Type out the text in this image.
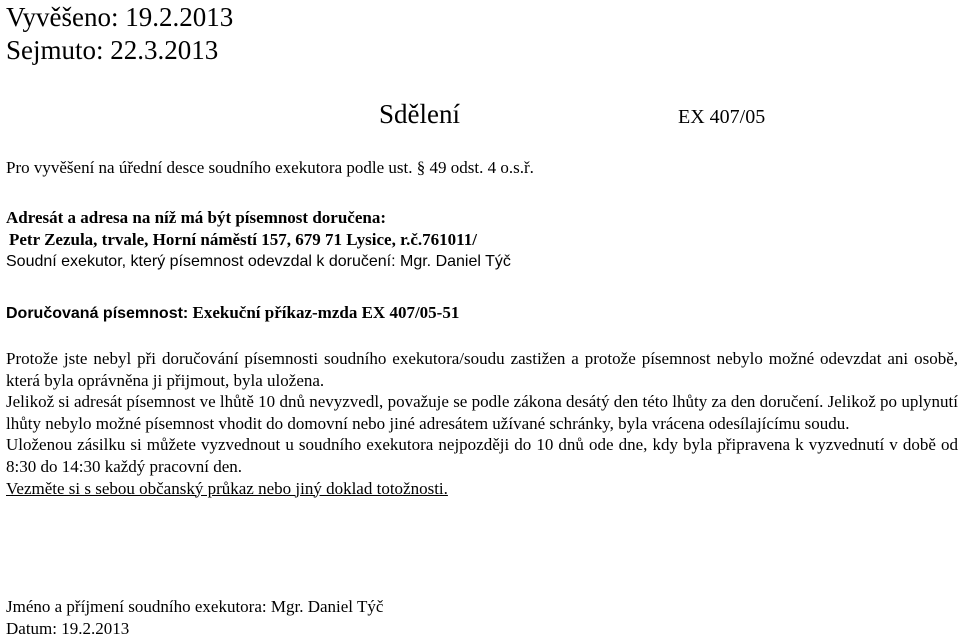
Vyvěšeno: 19.2.2013
Sejmuto: 22.3.2013
Sdělení	EX 407/05
Pro vyvěšení na úřední desce soudního exekutora podle ust. § 49 odst. 4 o.s.ř.
Adresát a adresa na níž má být písemnost doručena:
Petr Zezula, trvale, Horní náměstí 157, 679 71 Lysice, r.č.761011/
Soudní exekutor, který písemnost odevzdal k doručení: Mgr. Daniel Týč
Doručovaná písemnost: Exekuční příkaz-mzda EX 407/05-51

Protože jste nebyl při doručování písemnosti soudního exekutora/soudu zastižen a protože písemnost nebylo možné odevzdat ani osobě, která byla oprávněna ji přijmout, byla uložena.

Jelikož si adresát písemnost ve lhůtě 10 dnů nevyzvedl, považuje se podle zákona desátý den této lhůty za den doručení. Jelikož po uplynutí lhůty nebylo možné písemnost vhodit do domovní nebo jiné adresátem užívané schránky, byla vrácena odesílajícímu soudu.

Uloženou zásilku si můžete vyzvednout u soudního exekutora nejpozději do 10 dnů ode dne, kdy byla připravena k vyzvednutí v době od 8:30 do 14:30 každý pracovní den.

Vezměte si s sebou občanský průkaz nebo jiný doklad totožnosti.

Jméno a příjmení soudního exekutora: Mgr. Daniel Týč
Datum: 19.2.2013
